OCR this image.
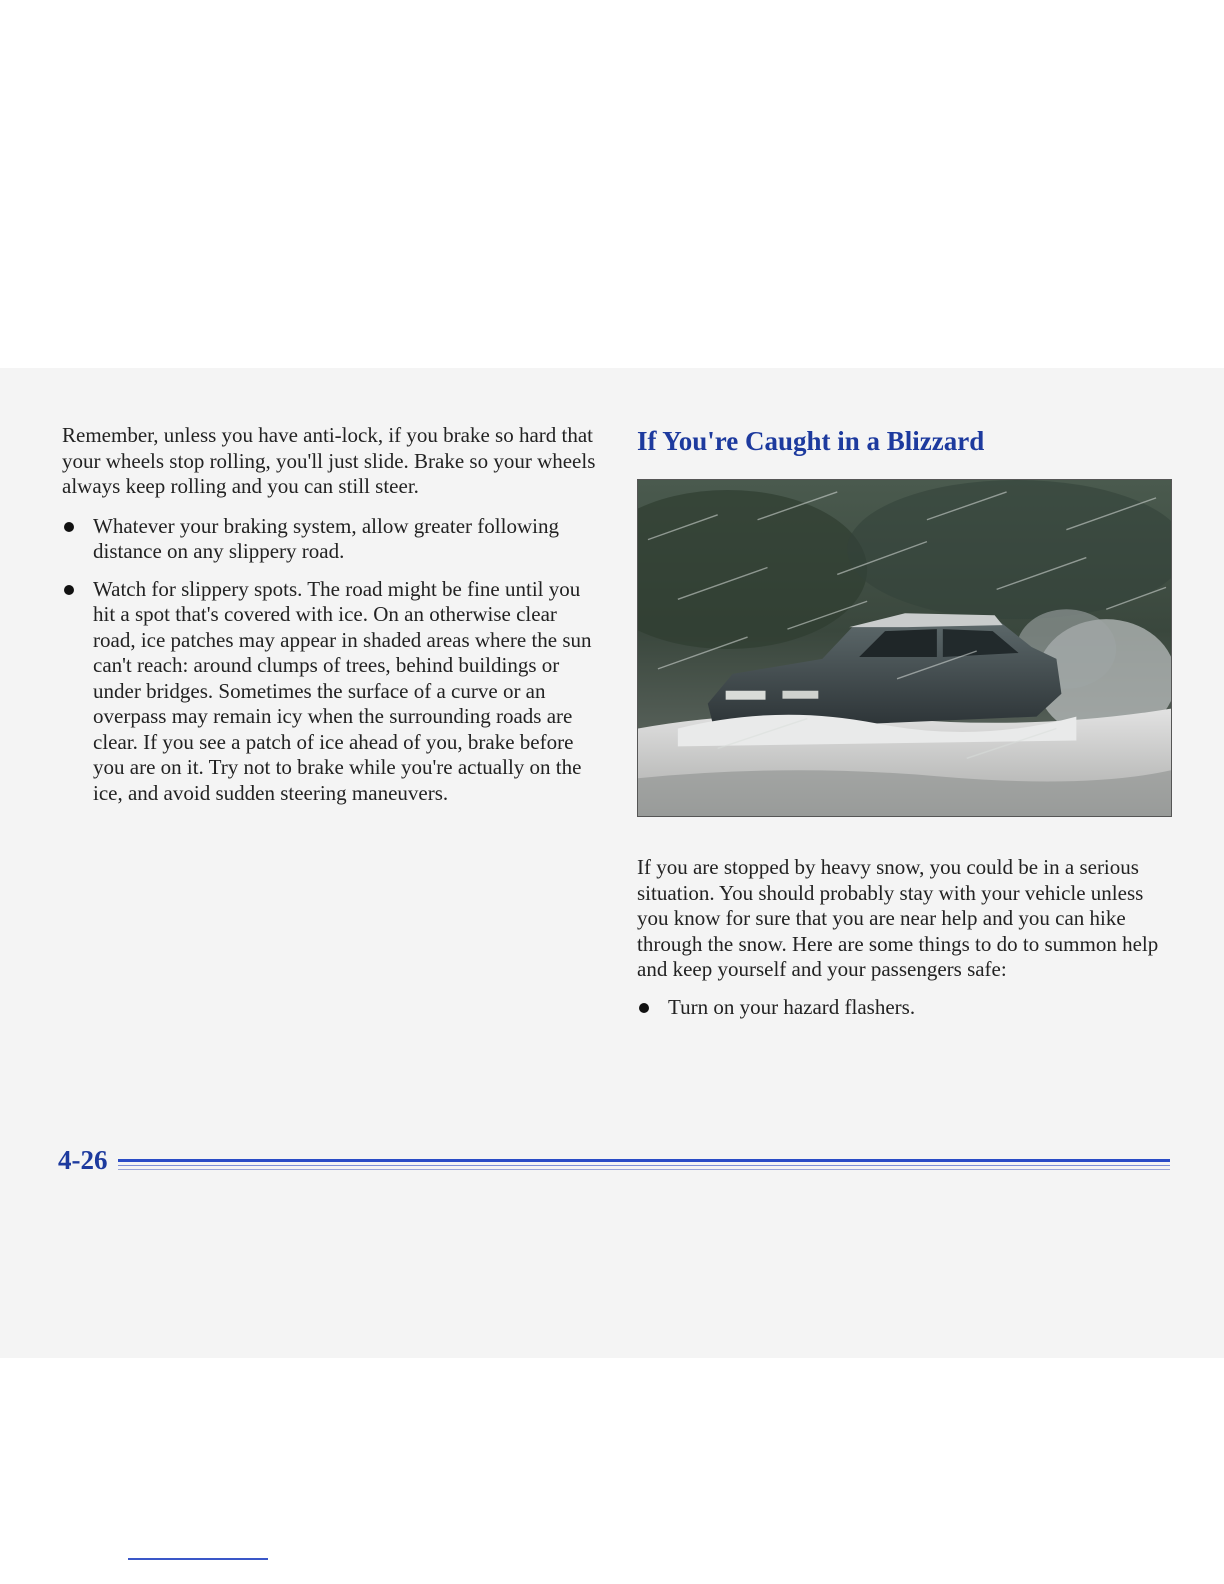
Remember, unless you have anti-lock, if you brake so hard that your wheels stop rolling, you'll just slide. Brake so your wheels always keep rolling and you can still steer.

Whatever your braking system, allow greater following distance on any slippery road.
Watch for slippery spots. The road might be fine until you hit a spot that's covered with ice. On an otherwise clear road, ice patches may appear in shaded areas where the sun can't reach: around clumps of trees, behind buildings or under bridges. Sometimes the surface of a curve or an overpass may remain icy when the surrounding roads are clear. If you see a patch of ice ahead of you, brake before you are on it. Try not to brake while you're actually on the ice, and avoid sudden steering maneuvers.
If You're Caught in a Blizzard

If you are stopped by heavy snow, you could be in a serious situation. You should probably stay with your vehicle unless you know for sure that you are near help and you can hike through the snow. Here are some things to do to summon help and keep yourself and your passengers safe:

Turn on your hazard flashers.
4-26
